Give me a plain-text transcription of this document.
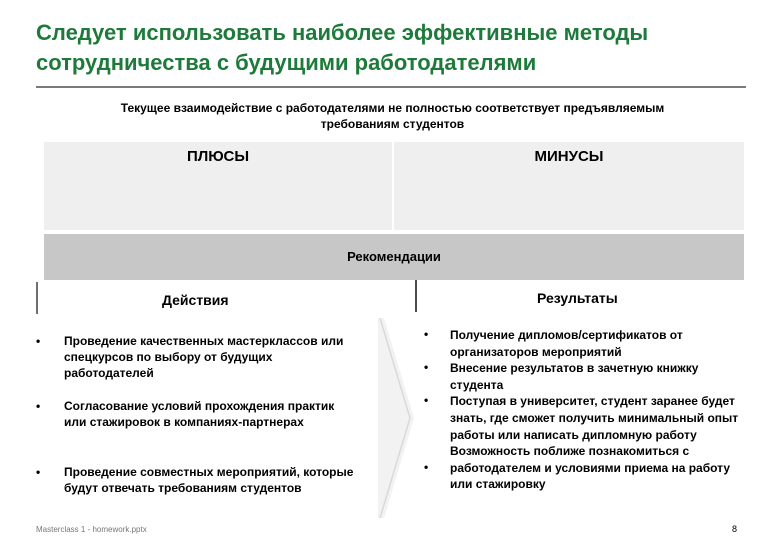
Следует использовать наиболее эффективные методы
сотрудничества с будущими работодателями
Текущее взаимодействие с работодателями не полностью соответствует предъявляемым
требованиям студентов
ПЛЮСЫ	МИНУСЫ
Рекомендации
Действия	Результаты
• Проведение качественных мастерклассов или спецкурсов по выбору от будущих работодателей
• Согласование условий прохождения практик или стажировок в компаниях-партнерах
• Проведение совместных мероприятий, которые будут отвечать требованиям студентов
•
•
•
•
Получение дипломов/сертификатов от организаторов мероприятий
Внесение результатов в зачетную книжку студента
Поступая в университет, студент заранее будет знать, где сможет получить минимальный опыт работы или написать дипломную работу
Возможность поближе познакомиться с работодателем и условиями приема на работу или стажировку
Masterclass 1 - homework.pptx	8
